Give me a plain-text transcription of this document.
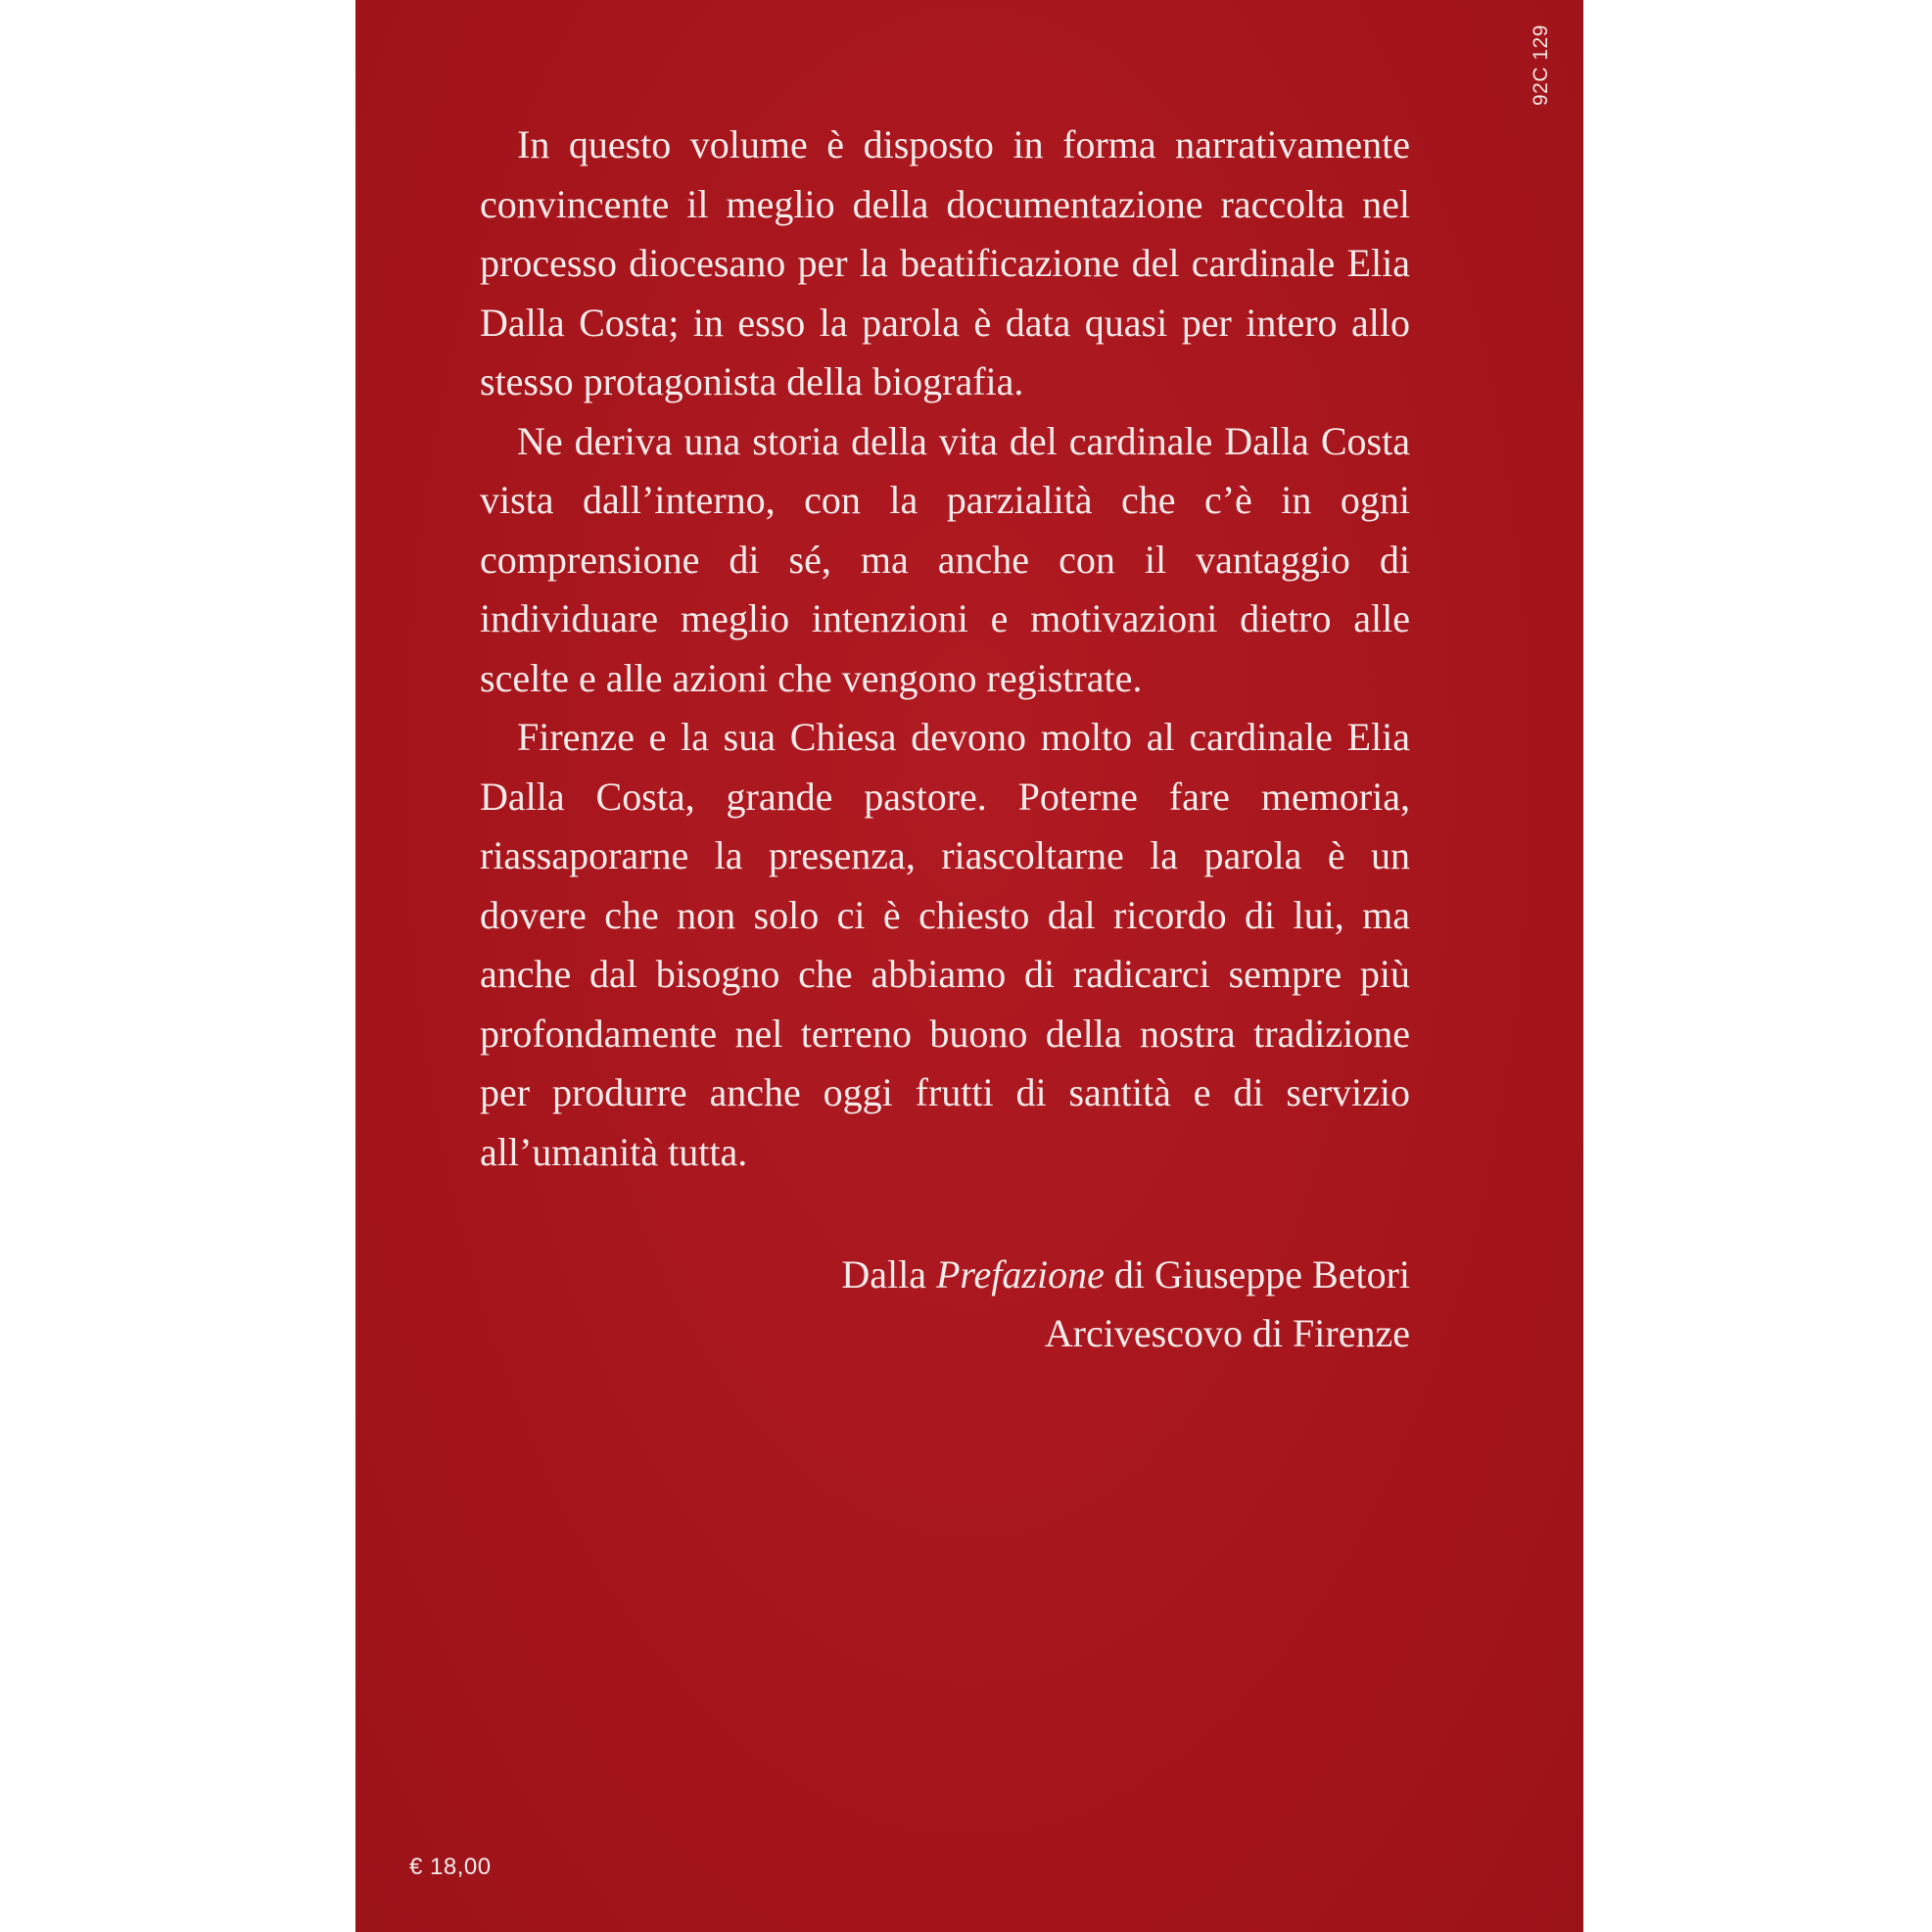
92C 129

In questo volume è disposto in forma narrativamente convincente il meglio della documentazione raccolta nel processo diocesano per la beatificazione del cardinale Elia Dalla Costa; in esso la parola è data quasi per intero allo stesso protagonista della biografia.

Ne deriva una storia della vita del cardinale Dalla Costa vista dall’interno, con la parzialità che c’è in ogni comprensione di sé, ma anche con il vantaggio di individuare meglio intenzioni e motivazioni dietro alle scelte e alle azioni che vengono registrate.

Firenze e la sua Chiesa devono molto al cardinale Elia Dalla Costa, grande pastore. Poterne fare memoria, riassaporarne la presenza, riascoltarne la parola è un dovere che non solo ci è chiesto dal ricordo di lui, ma anche dal bisogno che abbiamo di radicarci sempre più profondamente nel terreno buono della nostra tradizione per produrre anche oggi frutti di santità e di servizio all’umanità tutta.

Dalla Prefazione di Giuseppe Betori
Arcivescovo di Firenze
€ 18,00
